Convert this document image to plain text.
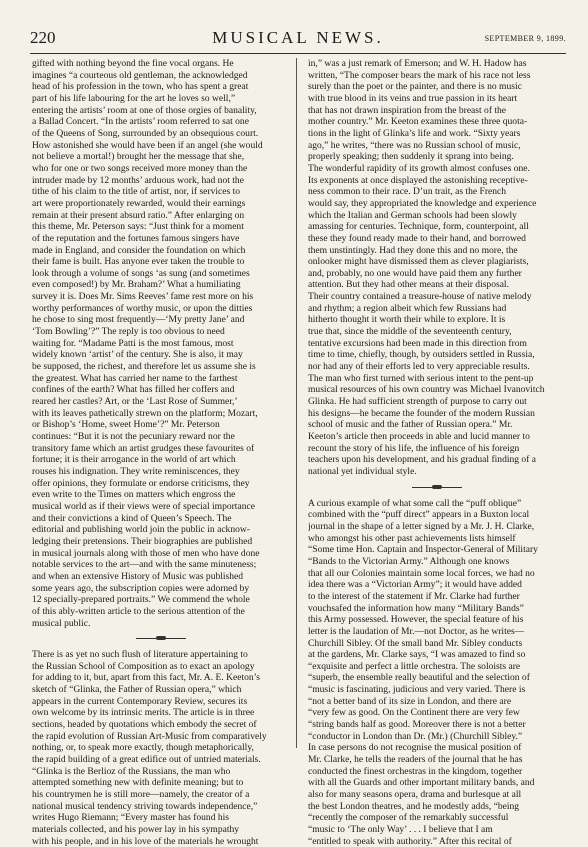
220	MUSICAL NEWS.	SEPTEMBER 9, 1899.
gifted with nothing beyond the fine vocal organs. He
imagines “a courteous old gentleman, the acknowledged
head of his profession in the town, who has spent a great
part of his life labouring for the art he loves so well,”
entering the artists’ room at one of those orgies of banality,
a Ballad Concert. “In the artists’ room referred to sat one
of the Queens of Song, surrounded by an obsequious court.
How astonished she would have been if an angel (she would
not believe a mortal!) brought her the message that she,
who for one or two songs received more money than the
intruder made by 12 months’ arduous work, had not the
tithe of his claim to the title of artist, nor, if services to
art were proportionately rewarded, would their earnings
remain at their present absurd ratio.” After enlarging on
this theme, Mr. Peterson says: “Just think for a moment
of the reputation and the fortunes famous singers have
made in England, and consider the foundation on which
their fame is built. Has anyone ever taken the trouble to
look through a volume of songs ‘as sung (and sometimes
even composed!) by Mr. Braham?’ What a humiliating
survey it is. Does Mr. Sims Reeves’ fame rest more on his
worthy performances of worthy music, or upon the ditties
he chose to sing most frequently—‘My pretty Jane’ and
‘Tom Bowling’?” The reply is too obvious to need
waiting for. “Madame Patti is the most famous, most
widely known ‘artist’ of the century. She is also, it may
be supposed, the richest, and therefore let us assume she is
the greatest. What has carried her name to the farthest
confines of the earth? What has filled her coffers and
reared her castles? Art, or the ‘Last Rose of Summer,’
with its leaves pathetically strewn on the platform; Mozart,
or Bishop’s ‘Home, sweet Home’?” Mr. Peterson
continues: “But it is not the pecuniary reward nor the
transitory fame which an artist grudges these favourites of
fortune; it is their arrogance in the world of art which
rouses his indignation. They write reminiscences, they
offer opinions, they formulate or endorse criticisms, they
even write to the Times on matters which engross the
musical world as if their views were of special importance
and their convictions a kind of Queen’s Speech. The
editorial and publishing world join the public in acknow-
ledging their pretensions. Their biographies are published
in musical journals along with those of men who have done
notable services to the art—and with the same minuteness;
and when an extensive History of Music was published
some years ago, the subscription copies were adorned by
12 specially-prepared portraits.” We commend the whole
of this ably-written article to the serious attention of the
musical public.
There is as yet no such flush of literature appertaining to
the Russian School of Composition as to exact an apology
for adding to it, but, apart from this fact, Mr. A. E. Keeton’s
sketch of “Glinka, the Father of Russian opera,” which
appears in the current Contemporary Review, secures its
own welcome by its intrinsic merits. The article is in three
sections, headed by quotations which embody the secret of
the rapid evolution of Russian Art-Music from comparatively
nothing, or, to speak more exactly, though metaphorically,
the rapid building of a great edifice out of untried materials.
“Glinka is the Berlioz of the Russians, the man who
attempted something new with definite meaning; but to
his countrymen he is still more—namely, the creator of a
national musical tendency striving towards independence,”
writes Hugo Riemann; “Every master has found his
materials collected, and his power lay in his sympathy
with his people, and in his love of the materials he wrought
in,” was a just remark of Emerson; and W. H. Hadow has
written, “The composer bears the mark of his race not less
surely than the poet or the painter, and there is no music
with true blood in its veins and true passion in its heart
that has not drawn inspiration from the breast of the
mother country.” Mr. Keeton examines these three quota-
tions in the light of Glinka’s life and work. “Sixty years
ago,” he writes, “there was no Russian school of music,
properly speaking; then suddenly it sprang into being.
The wonderful rapidity of its growth almost confuses one.
Its exponents at once displayed the astonishing receptive-
ness common to their race. D’un trait, as the French
would say, they appropriated the knowledge and experience
which the Italian and German schools had been slowly
amassing for centuries. Technique, form, counterpoint, all
these they found ready made to their hand, and borrowed
them unstintingly. Had they done this and no more, the
onlooker might have dismissed them as clever plagiarists,
and, probably, no one would have paid them any further
attention. But they had other means at their disposal.
Their country contained a treasure-house of native melody
and rhythm; a region albeit which few Russians had
hitherto thought it worth their while to explore. It is
true that, since the middle of the seventeenth century,
tentative excursions had been made in this direction from
time to time, chiefly, though, by outsiders settled in Russia,
nor had any of their efforts led to very appreciable results.
The man who first turned with serious intent to the pent-up
musical resources of his own country was Michael Ivanovitch
Glinka. He had sufficient strength of purpose to carry out
his designs—he became the founder of the modern Russian
school of music and the father of Russian opera.” Mr.
Keeton’s article then proceeds in able and lucid manner to
recount the story of his life, the influence of his foreign
teachers upon his development, and his gradual finding of a
national yet individual style.
A curious example of what some call the “puff oblique”
combined with the “puff direct” appears in a Buxton local
journal in the shape of a letter signed by a Mr. J. H. Clarke,
who amongst his other past achievements lists himself
“Some time Hon. Captain and Inspector-General of Military
“Bands to the Victorian Army.” Although one knows
that all our Colonies maintain some local forces, we had no
idea there was a “Victorian Army”; it would have added
to the interest of the statement if Mr. Clarke had further
vouchsafed the information how many “Military Bands”
this Army possessed. However, the special feature of his
letter is the laudation of Mr.—not Doctor, as he writes—
Churchill Sibley. Of the small band Mr. Sibley conducts
at the gardens, Mr. Clarke says, “I was amazed to find so
“exquisite and perfect a little orchestra. The soloists are
“superb, the ensemble really beautiful and the selection of
“music is fascinating, judicious and very varied. There is
“not a better band of its size in London, and there are
“very few as good. On the Continent there are very few
“string bands half as good. Moreover there is not a better
“conductor in London than Dr. (Mr.) (Churchill Sibley.”
In case persons do not recognise the musical position of
Mr. Clarke, he tells the readers of the journal that he has
conducted the finest orchestras in the kingdom, together
with all the Guards and other important military bands, and
also for many seasons opera, drama and burlesque at all
the best London theatres, and he modestly adds, “being
“recently the composer of the remarkably successful
“music to ‘The only Way’ . . . I believe that I am
“entitled to speak with authority.” After this recital of
